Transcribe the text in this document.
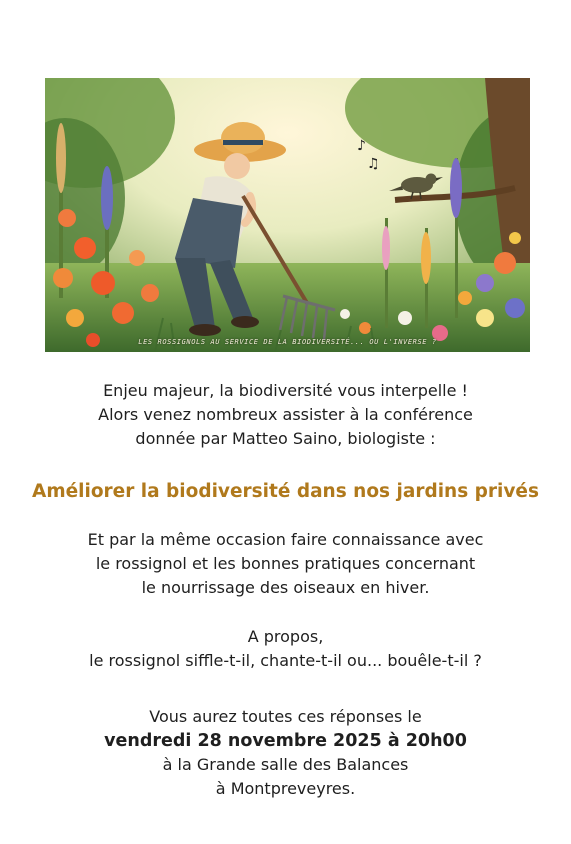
♪
♫
LES ROSSIGNOLS AU SERVICE DE LA BIODIVERSITÉ... OU L'INVERSE ?
Enjeu majeur, la biodiversité vous interpelle !
Alors venez nombreux assister à la conférence
donnée par Matteo Saino, biologiste :
Améliorer la biodiversité dans nos jardins privés
Et par la même occasion faire connaissance avec
le rossignol et les bonnes pratiques concernant
le nourrissage des oiseaux en hiver.
A propos,
le rossignol siffle-t-il, chante-t-il ou... bouêle-t-il ?
Vous aurez toutes ces réponses le
vendredi 28 novembre 2025 à 20h00
à la Grande salle des Balances
à Montpreveyres.
